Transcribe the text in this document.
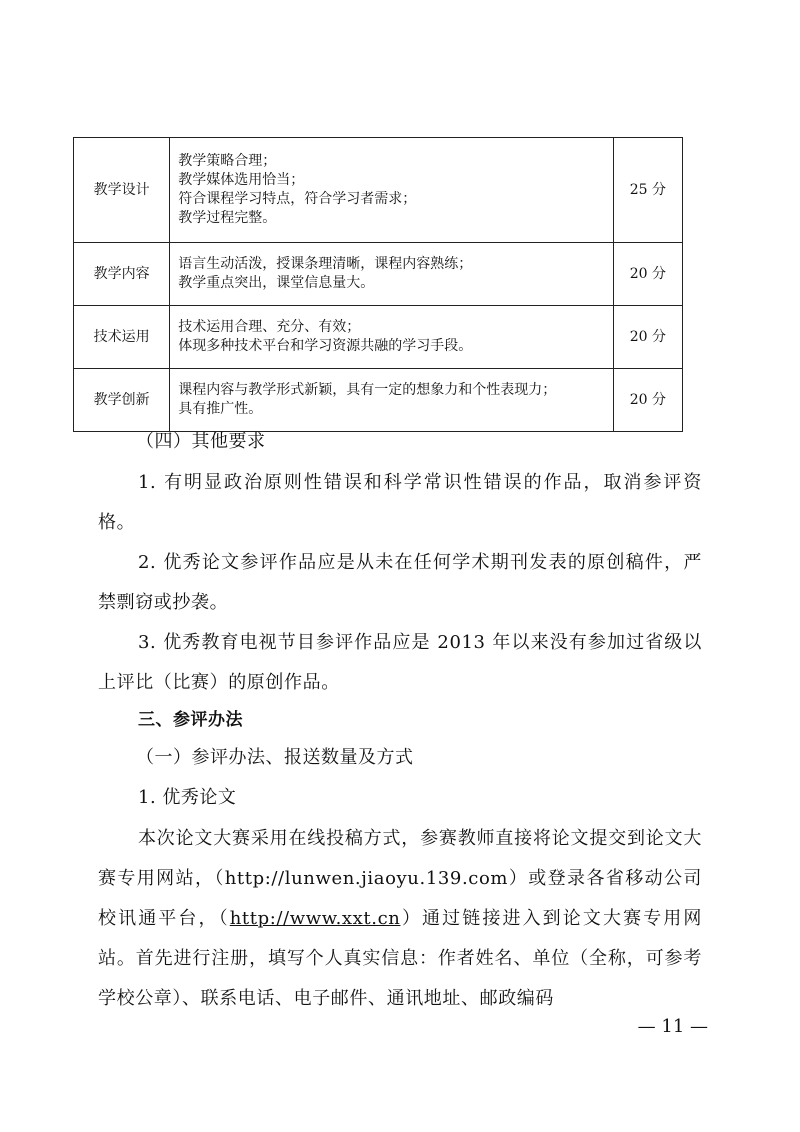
教学设计	教学策略合理；
教学媒体选用恰当；
符合课程学习特点，符合学习者需求；
教学过程完整。	25 分
教学内容	语言生动活泼，授课条理清晰，课程内容熟练；
教学重点突出，课堂信息量大。	20 分
技术运用	技术运用合理、充分、有效；
体现多种技术平台和学习资源共融的学习手段。	20 分
教学创新	课程内容与教学形式新颖，具有一定的想象力和个性表现力；
具有推广性。	20 分
（四）其他要求
1. 有明显政治原则性错误和科学常识性错误的作品，取消参评资格。
2. 优秀论文参评作品应是从未在任何学术期刊发表的原创稿件，严禁剽窃或抄袭。
3. 优秀教育电视节目参评作品应是 2013 年以来没有参加过省级以上评比（比赛）的原创作品。
三、参评办法
（一）参评办法、报送数量及方式
1. 优秀论文
本次论文大赛采用在线投稿方式，参赛教师直接将论文提交到论文大赛专用网站，（http://lunwen.jiaoyu.139.com）或登录各省移动公司校讯通平台，（http://www.xxt.cn）通过链接进入到论文大赛专用网站。首先进行注册，填写个人真实信息：作者姓名、单位（全称，可参考学校公章）、联系电话、电子邮件、通讯地址、邮政编码
— 11 —
